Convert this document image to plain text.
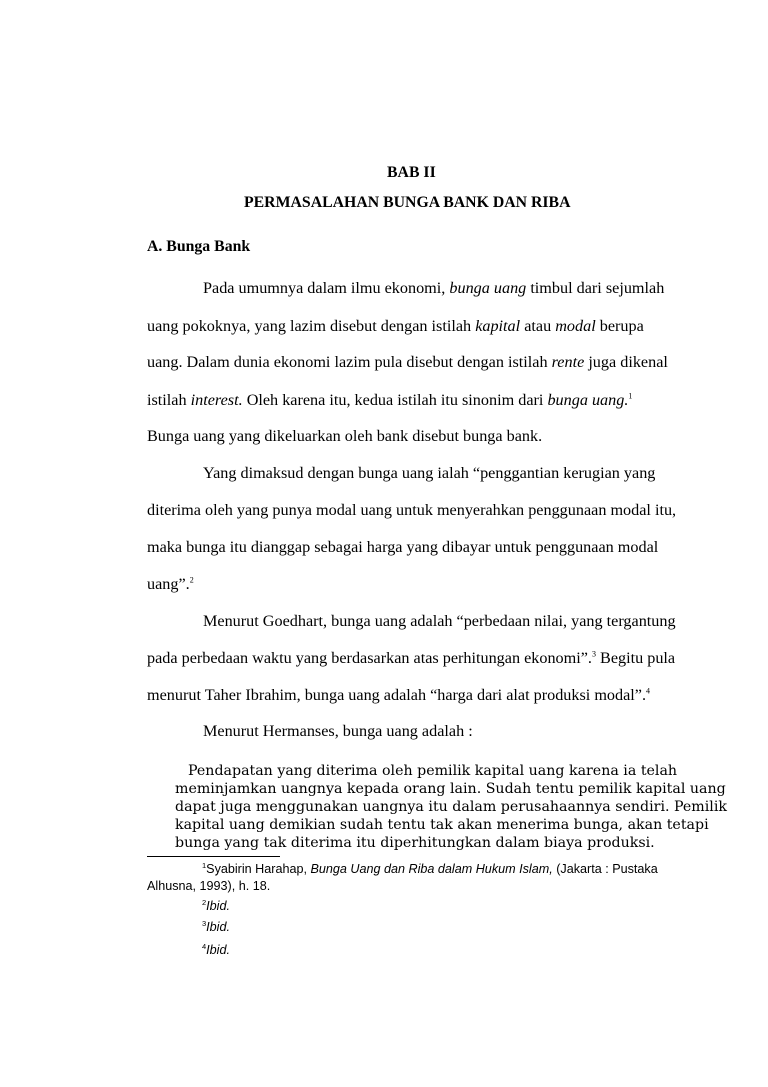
BAB II
PERMASALAHAN BUNGA BANK DAN RIBA
A. Bunga Bank
Pada umumnya dalam ilmu ekonomi, bunga uang timbul dari sejumlah
uang pokoknya, yang lazim disebut dengan istilah kapital atau modal berupa
uang. Dalam dunia ekonomi lazim pula disebut dengan istilah rente juga dikenal
istilah interest. Oleh karena itu, kedua istilah itu sinonim dari bunga uang.$^1$
Bunga uang yang dikeluarkan oleh bank disebut bunga bank.
Yang dimaksud dengan bunga uang ialah “penggantian kerugian yang
diterima oleh yang punya modal uang untuk menyerahkan penggunaan modal itu,
maka bunga itu dianggap sebagai harga yang dibayar untuk penggunaan modal
uang”.$^2$
Menurut Goedhart, bunga uang adalah “perbedaan nilai, yang tergantung
pada perbedaan waktu yang berdasarkan atas perhitungan ekonomi”.$^3$ Begitu pula
menurut Taher Ibrahim, bunga uang adalah “harga dari alat produksi modal”.$^4$
Menurut Hermanses, bunga uang adalah :
Pendapatan yang diterima oleh pemilik kapital uang karena ia telah
meminjamkan uangnya kepada orang lain. Sudah tentu pemilik kapital uang
dapat juga menggunakan uangnya itu dalam perusahaannya sendiri. Pemilik
kapital uang demikian sudah tentu tak akan menerima bunga, akan tetapi
bunga yang tak diterima itu diperhitungkan dalam biaya produksi.
$^1$Syabirin Harahap, Bunga Uang dan Riba dalam Hukum Islam, (Jakarta : Pustaka
Alhusna, 1993), h. 18.
$^2$Ibid.
$^3$Ibid.
$^4$Ibid.
